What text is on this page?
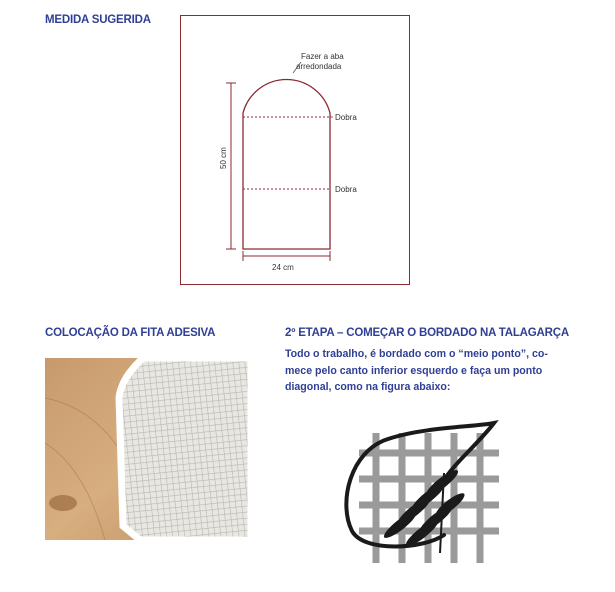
MEDIDA SUGERIDA
Fazer a aba
arredondada
Dobra
Dobra
50 cm
24 cm
COLOCAÇÃO DA FITA ADESIVA	2º ETAPA – COMEÇAR O BORDADO NA TALAGARÇA
Todo o trabalho, é bordado com o “meio ponto”, co-
mece pelo canto inferior esquerdo e faça um ponto
diagonal, como na figura abaixo:
